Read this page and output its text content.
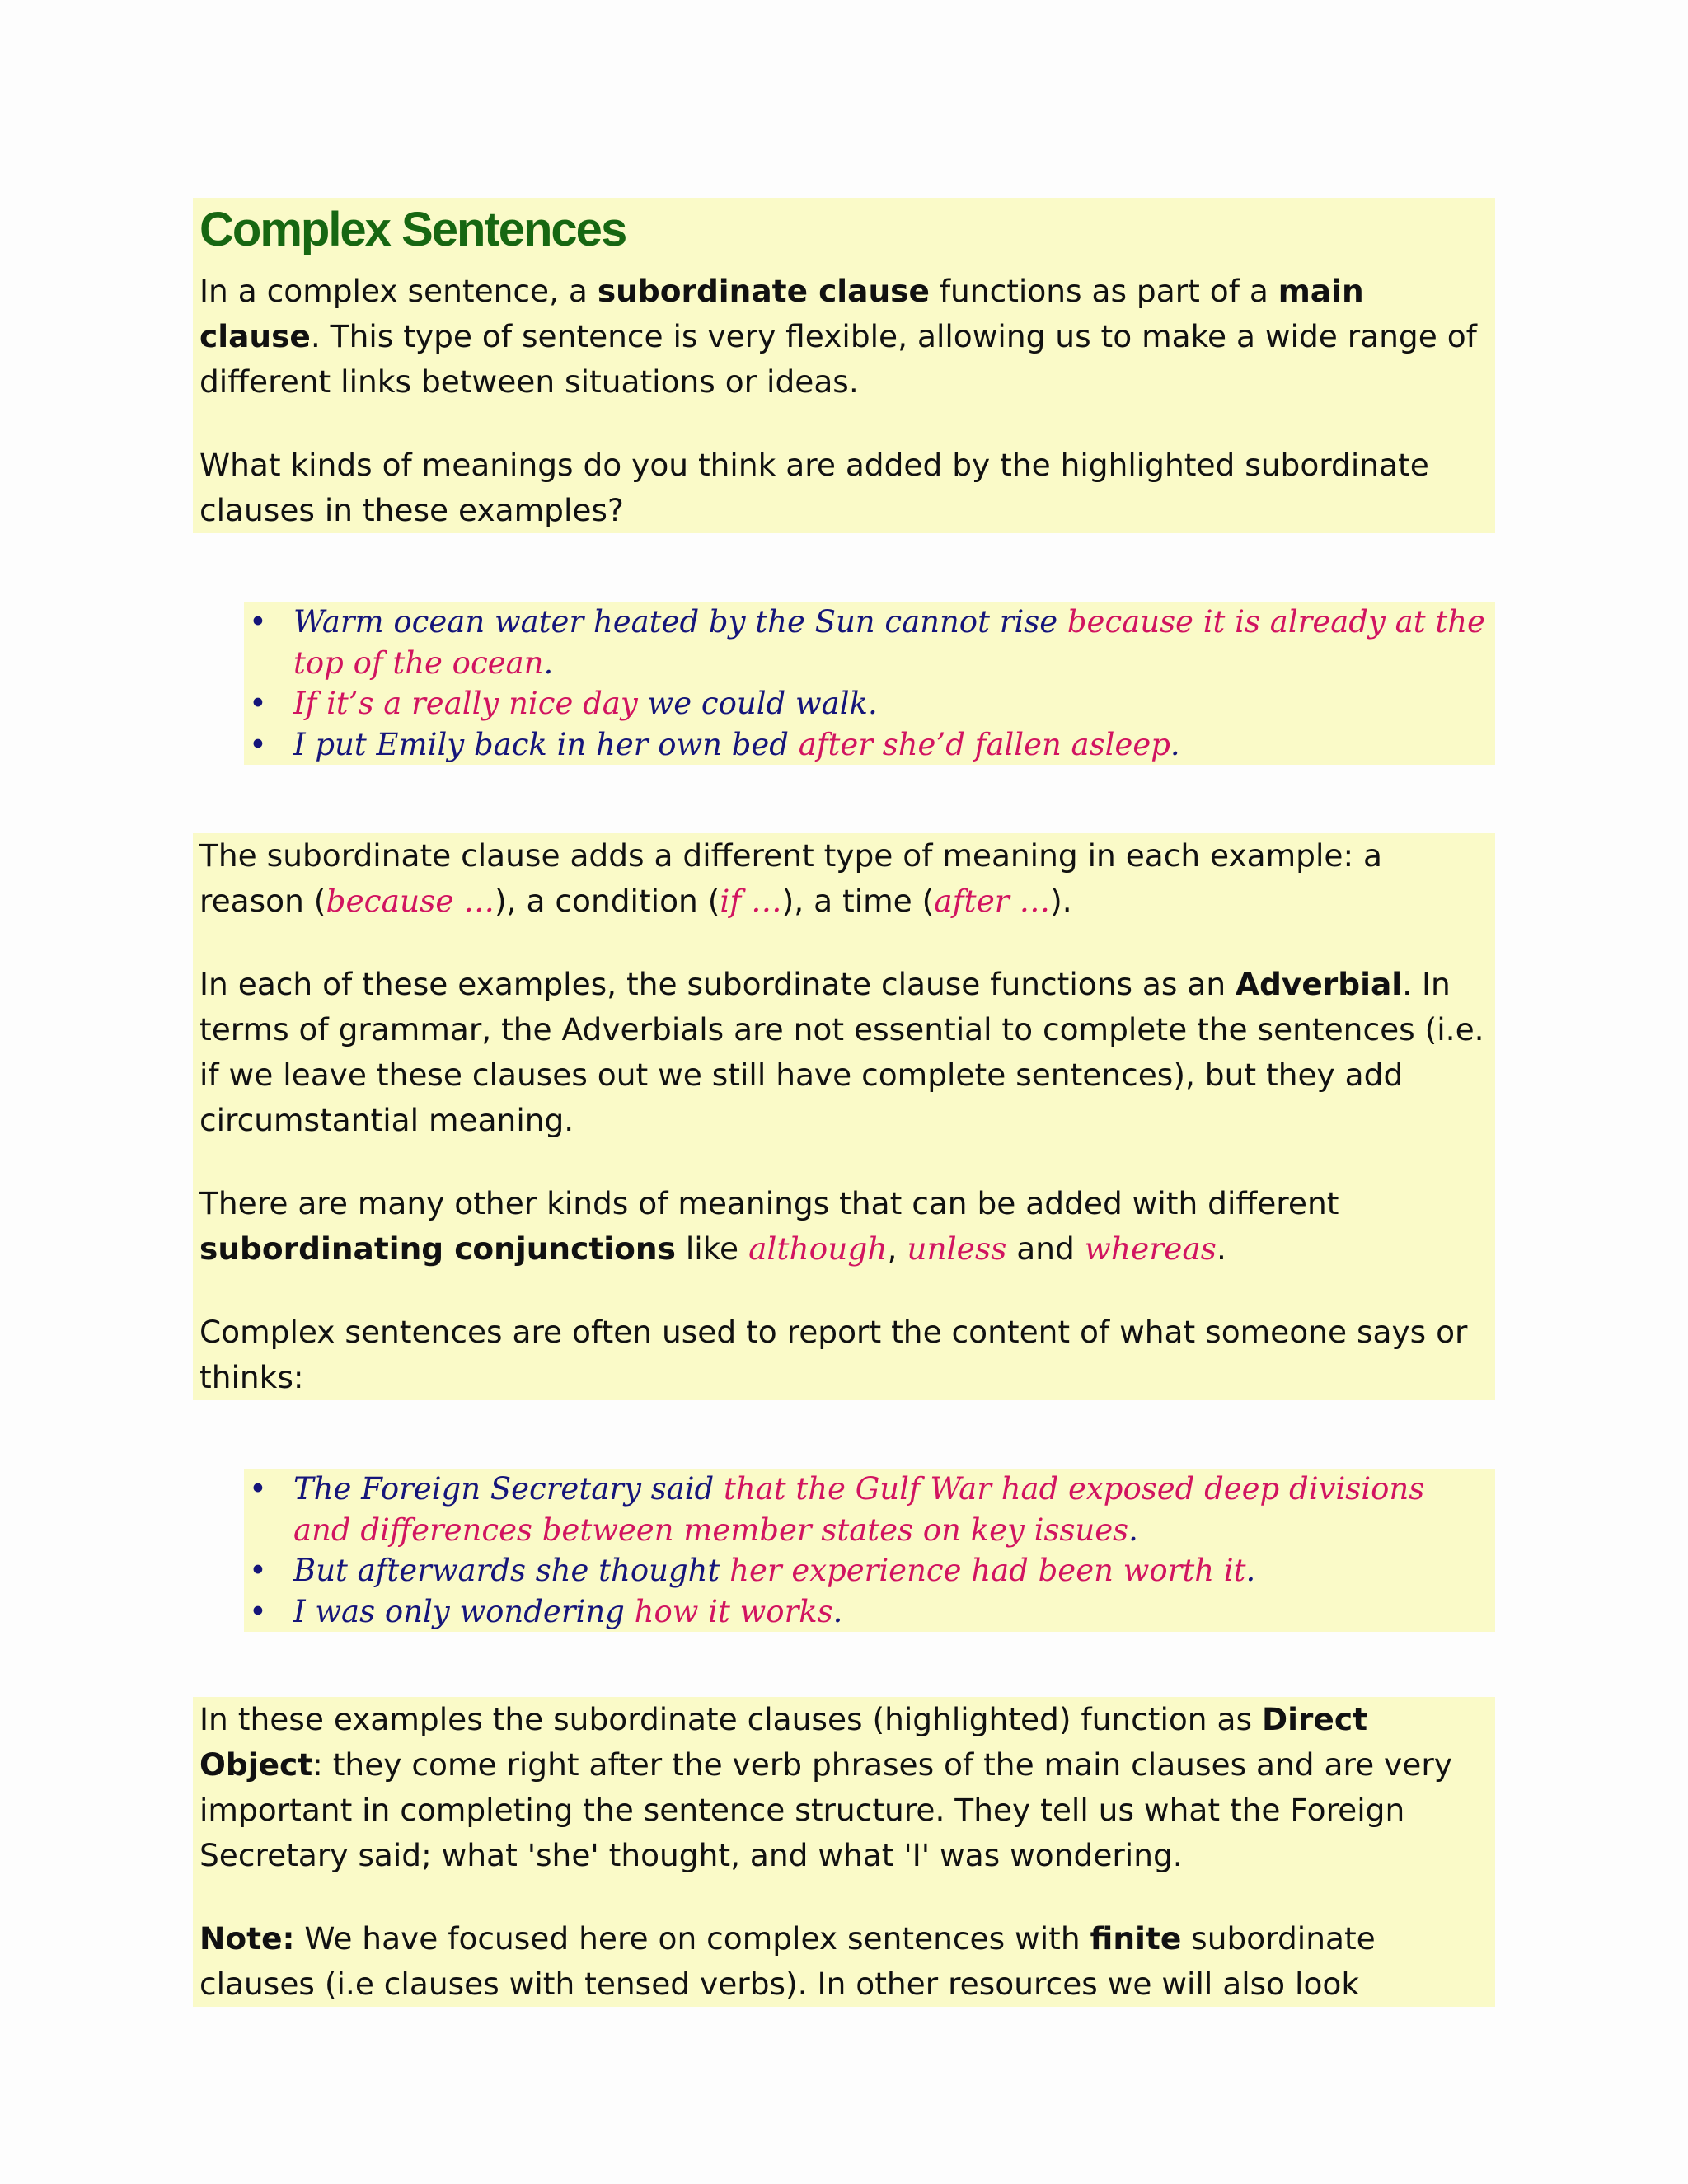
Complex Sentences

In a complex sentence, a subordinate clause functions as part of a main clause. This type of sentence is very flexible, allowing us to make a wide range of different links between situations or ideas.

What kinds of meanings do you think are added by the highlighted subordinate clauses in these examples?

• Warm ocean water heated by the Sun cannot rise because it is already at the top of the ocean.
• If it’s a really nice day we could walk.
• I put Emily back in her own bed after she’d fallen asleep.

The subordinate clause adds a different type of meaning in each example: a reason (because …), a condition (if …), a time (after …).

In each of these examples, the subordinate clause functions as an Adverbial. In terms of grammar, the Adverbials are not essential to complete the sentences (i.e. if we leave these clauses out we still have complete sentences), but they add circumstantial meaning.

There are many other kinds of meanings that can be added with different subordinating conjunctions like although, unless and whereas.

Complex sentences are often used to report the content of what someone says or thinks:

• The Foreign Secretary said that the Gulf War had exposed deep divisions and differences between member states on key issues.
• But afterwards she thought her experience had been worth it.
• I was only wondering how it works.

In these examples the subordinate clauses (highlighted) function as Direct Object: they come right after the verb phrases of the main clauses and are very important in completing the sentence structure. They tell us what the Foreign Secretary said; what 'she' thought, and what 'I' was wondering.

Note: We have focused here on complex sentences with finite subordinate clauses (i.e clauses with tensed verbs). In other resources we will also look
